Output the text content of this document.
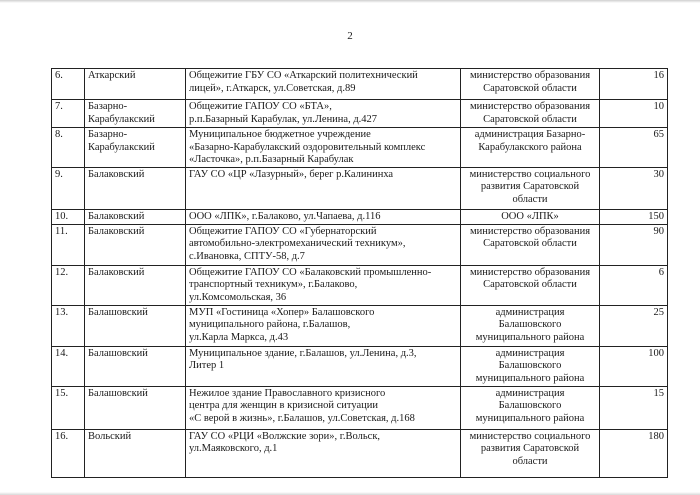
2
6.	Аткарский	Общежитие ГБУ СО «Аткарский политехнический
лицей», г.Аткарск, ул.Советская, д.89	министерство образования
Саратовской области	16
7.	Базарно-
Карабулакский	Общежитие ГАПОУ СО «БТА»,
р.п.Базарный Карабулак, ул.Ленина, д.427	министерство образования
Саратовской области	10
8.	Базарно-
Карабулакский	Муниципальное бюджетное учреждение
«Базарно-Карабулакский оздоровительный комплекс
«Ласточка», р.п.Базарный Карабулак	администрация Базарно-
Карабулакского района	65
9.	Балаковский	ГАУ СО «ЦР «Лазурный», берег р.Калининха	министерство социального
развития Саратовской
области	30
10.	Балаковский	ООО «ЛПК», г.Балаково, ул.Чапаева, д.116	ООО «ЛПК»	150
11.	Балаковский	Общежитие ГАПОУ СО «Губернаторский
автомобильно-электромеханический техникум»,
с.Ивановка, СПТУ-58, д.7	министерство образования
Саратовской области	90
12.	Балаковский	Общежитие ГАПОУ СО «Балаковский промышленно-
транспортный техникум», г.Балаково,
ул.Комсомольская, 36	министерство образования
Саратовской области	6
13.	Балашовский	МУП «Гостиница «Хопер» Балашовского
муниципального района, г.Балашов,
ул.Карла Маркса, д.43	администрация
Балашовского
муниципального района	25
14.	Балашовский	Муниципальное здание, г.Балашов, ул.Ленина, д.3,
Литер 1	администрация
Балашовского
муниципального района	100
15.	Балашовский	Нежилое здание Православного кризисного
центра для женщин в кризисной ситуации
«С верой в жизнь», г.Балашов, ул.Советская, д.168	администрация
Балашовского
муниципального района	15
16.	Вольский	ГАУ СО «РЦИ «Волжские зори», г.Вольск,
ул.Маяковского, д.1	министерство социального
развития Саратовской
области	180
